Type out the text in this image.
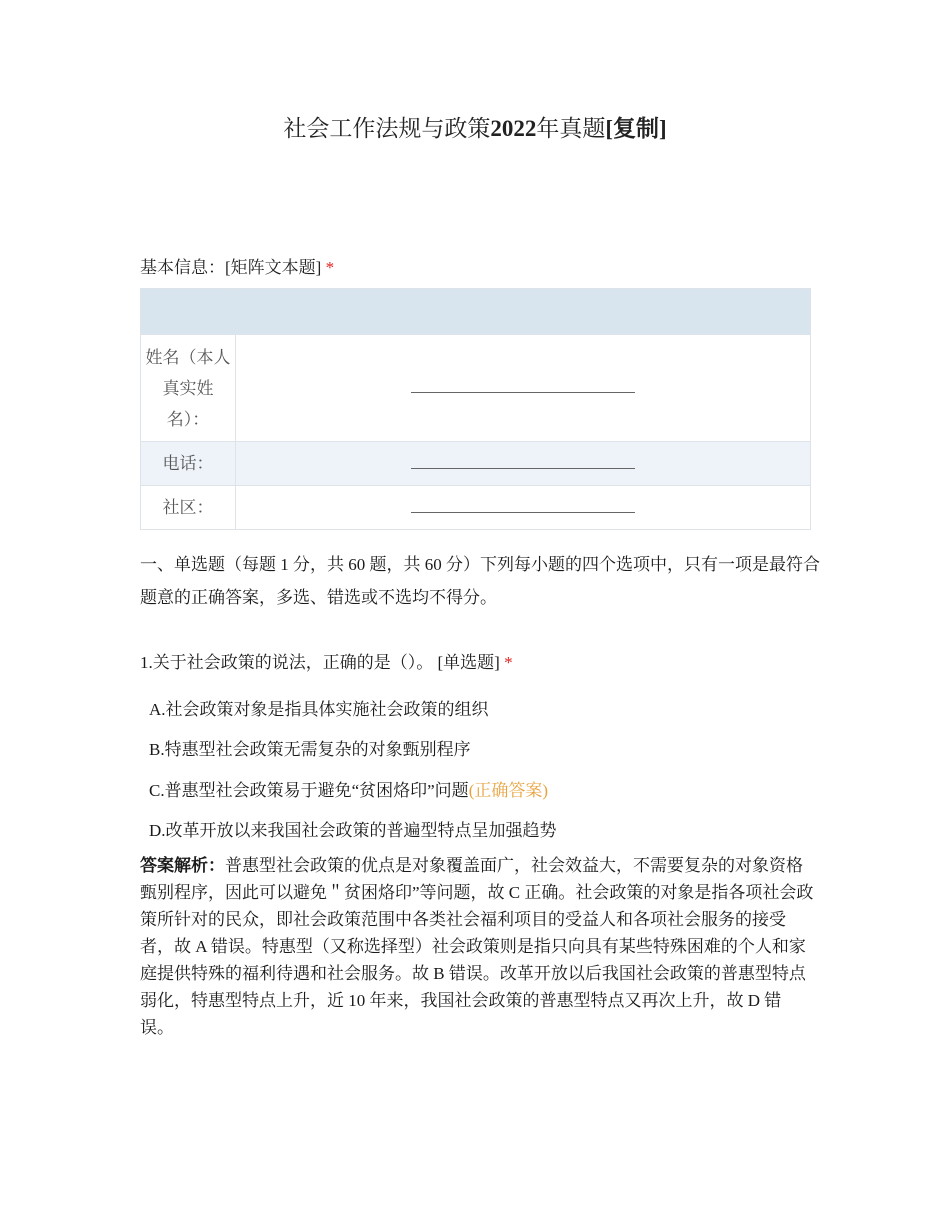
社会工作法规与政策2022年真题[复制]
基本信息：[矩阵文本题] *

姓名（本人真实姓名）：	
电话：	
社区：	
一、单选题（每题 1 分，共 60 题，共 60 分）下列每小题的四个选项中，只有一项是最符合题意的正确答案，多选、错选或不选均不得分。
1.关于社会政策的说法，正确的是（）。 [单选题] *
A.社会政策对象是指具体实施社会政策的组织
B.特惠型社会政策无需复杂的对象甄别程序
C.普惠型社会政策易于避免“贫困烙印”问题(正确答案)
D.改革开放以来我国社会政策的普遍型特点呈加强趋势
答案解析：普惠型社会政策的优点是对象覆盖面广，社会效益大，不需要复杂的对象资格甄别程序，因此可以避免＂贫困烙印”等问题，故 C 正确。社会政策的对象是指各项社会政策所针对的民众，即社会政策范围中各类社会福利项目的受益人和各项社会服务的接受者，故 A 错误。特惠型（又称选择型）社会政策则是指只向具有某些特殊困难的个人和家庭提供特殊的福利待遇和社会服务。故 B 错误。改革开放以后我国社会政策的普惠型特点弱化，特惠型特点上升，近 10 年来，我国社会政策的普惠型特点又再次上升，故 D 错误。
